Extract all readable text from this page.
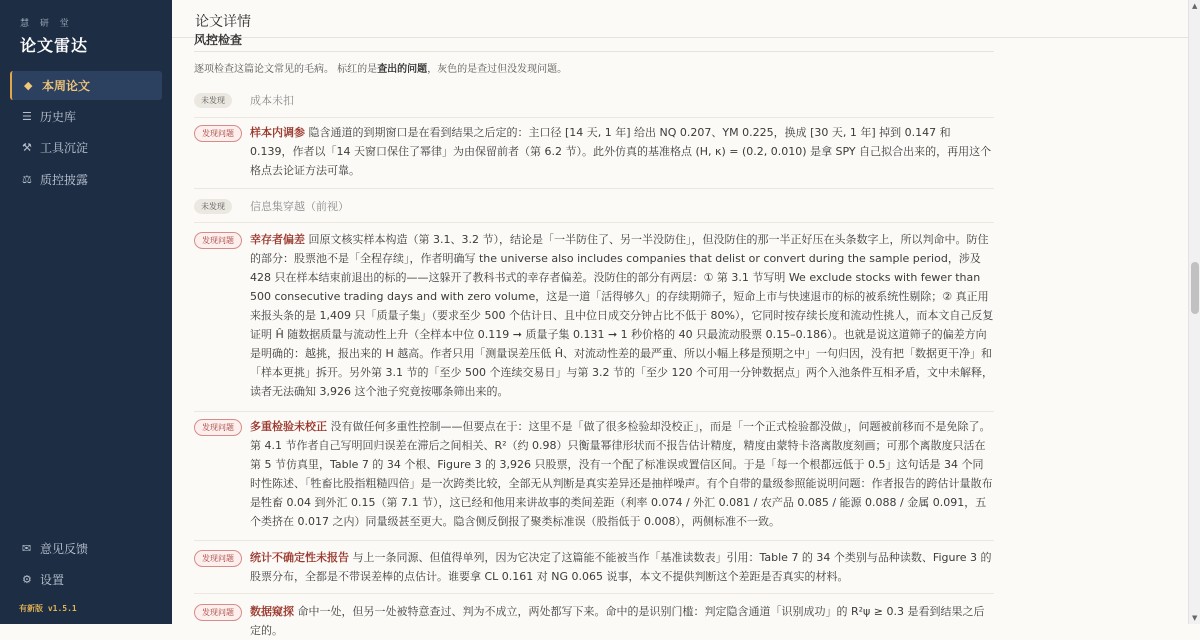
慧 研 堂
论文雷达
◆ 本周论文
☰ 历史库
⚒ 工具沉淀
⚖ 质控披露
✉ 意见反馈
⚙ 设置
有新版 v1.5.1
论文详情
风控检查
逐项检查这篇论文常见的毛病。 标红的是查出的问题，灰色的是查过但没发现问题。
未发现	成本未扣
发现问题	样本内调参 隐含通道的到期窗口是在看到结果之后定的：主口径 [14 天, 1 年] 给出 NQ 0.207、YM 0.225，换成 [30 天, 1 年] 掉到 0.147 和 0.139，作者以「14 天窗口保住了幂律」为由保留前者（第 6.2 节）。此外仿真的基准格点 (H, κ) = (0.2, 0.010) 是拿 SPY 自己拟合出来的，再用这个格点去论证方法可靠。
未发现	信息集穿越（前视）
发现问题	幸存者偏差 回原文核实样本构造（第 3.1、3.2 节），结论是「一半防住了、另一半没防住」，但没防住的那一半正好压在头条数字上，所以判命中。防住的部分：股票池不是「全程存续」，作者明确写 the universe also includes companies that delist or convert during the sample period，涉及 428 只在样本结束前退出的标的——这躲开了教科书式的幸存者偏差。没防住的部分有两层：① 第 3.1 节写明 We exclude stocks with fewer than 500 consecutive trading days and with zero volume，这是一道「活得够久」的存续期筛子，短命上市与快速退市的标的被系统性剔除；② 真正用来报头条的是 1,409 只「质量子集」（要求至少 500 个估计日、且中位日成交分钟占比不低于 80%），它同时按存续长度和流动性挑人，而本文自己反复证明 Ĥ 随数据质量与流动性上升（全样本中位 0.119 ➞ 质量子集 0.131 ➞ 1 秒价格的 40 只最流动股票 0.15–0.186）。也就是说这道筛子的偏差方向是明确的：越挑，报出来的 H 越高。作者只用「测量误差压低 Ĥ、对流动性差的最严重、所以小幅上移是预期之中」一句归因，没有把「数据更干净」和「样本更挑」拆开。另外第 3.1 节的「至少 500 个连续交易日」与第 3.2 节的「至少 120 个可用一分钟数据点」两个入池条件互相矛盾，文中未解释，读者无法确知 3,926 这个池子究竟按哪条筛出来的。
发现问题	多重检验未校正 没有做任何多重性控制——但要点在于：这里不是「做了很多检验却没校正」，而是「一个正式检验都没做」，问题被前移而不是免除了。第 4.1 节作者自己写明回归误差在滞后之间相关、R²（约 0.98）只衡量幂律形状而不报告估计精度，精度由蒙特卡洛离散度刻画；可那个离散度只活在第 5 节仿真里，Table 7 的 34 个根、Figure 3 的 3,926 只股票，没有一个配了标准误或置信区间。于是「每一个根都远低于 0.5」这句话是 34 个同时性陈述、「牲畜比股指粗糙四倍」是一次跨类比较，全部无从判断是真实差异还是抽样噪声。有个自带的量级参照能说明问题：作者报告的跨估计量散布是牲畜 0.04 到外汇 0.15（第 7.1 节），这已经和他用来讲故事的类间差距（利率 0.074 / 外汇 0.081 / 农产品 0.085 / 能源 0.088 / 金属 0.091，五个类挤在 0.017 之内）同量级甚至更大。隐含侧反倒报了聚类标准误（股指低于 0.008），两侧标准不一致。
发现问题	统计不确定性未报告 与上一条同源、但值得单列，因为它决定了这篇能不能被当作「基准读数表」引用：Table 7 的 34 个类别与品种读数、Figure 3 的股票分布，全都是不带误差棒的点估计。谁要拿 CL 0.161 对 NG 0.065 说事，本文不提供判断这个差距是否真实的材料。
发现问题	数据窥探 命中一处，但另一处被特意查过、判为不成立，两处都写下来。命中的是识别门槛：判定隐含通道「识别成功」的 R²ψ ≥ 0.3 是看到结果之后定的。
▲
▼
